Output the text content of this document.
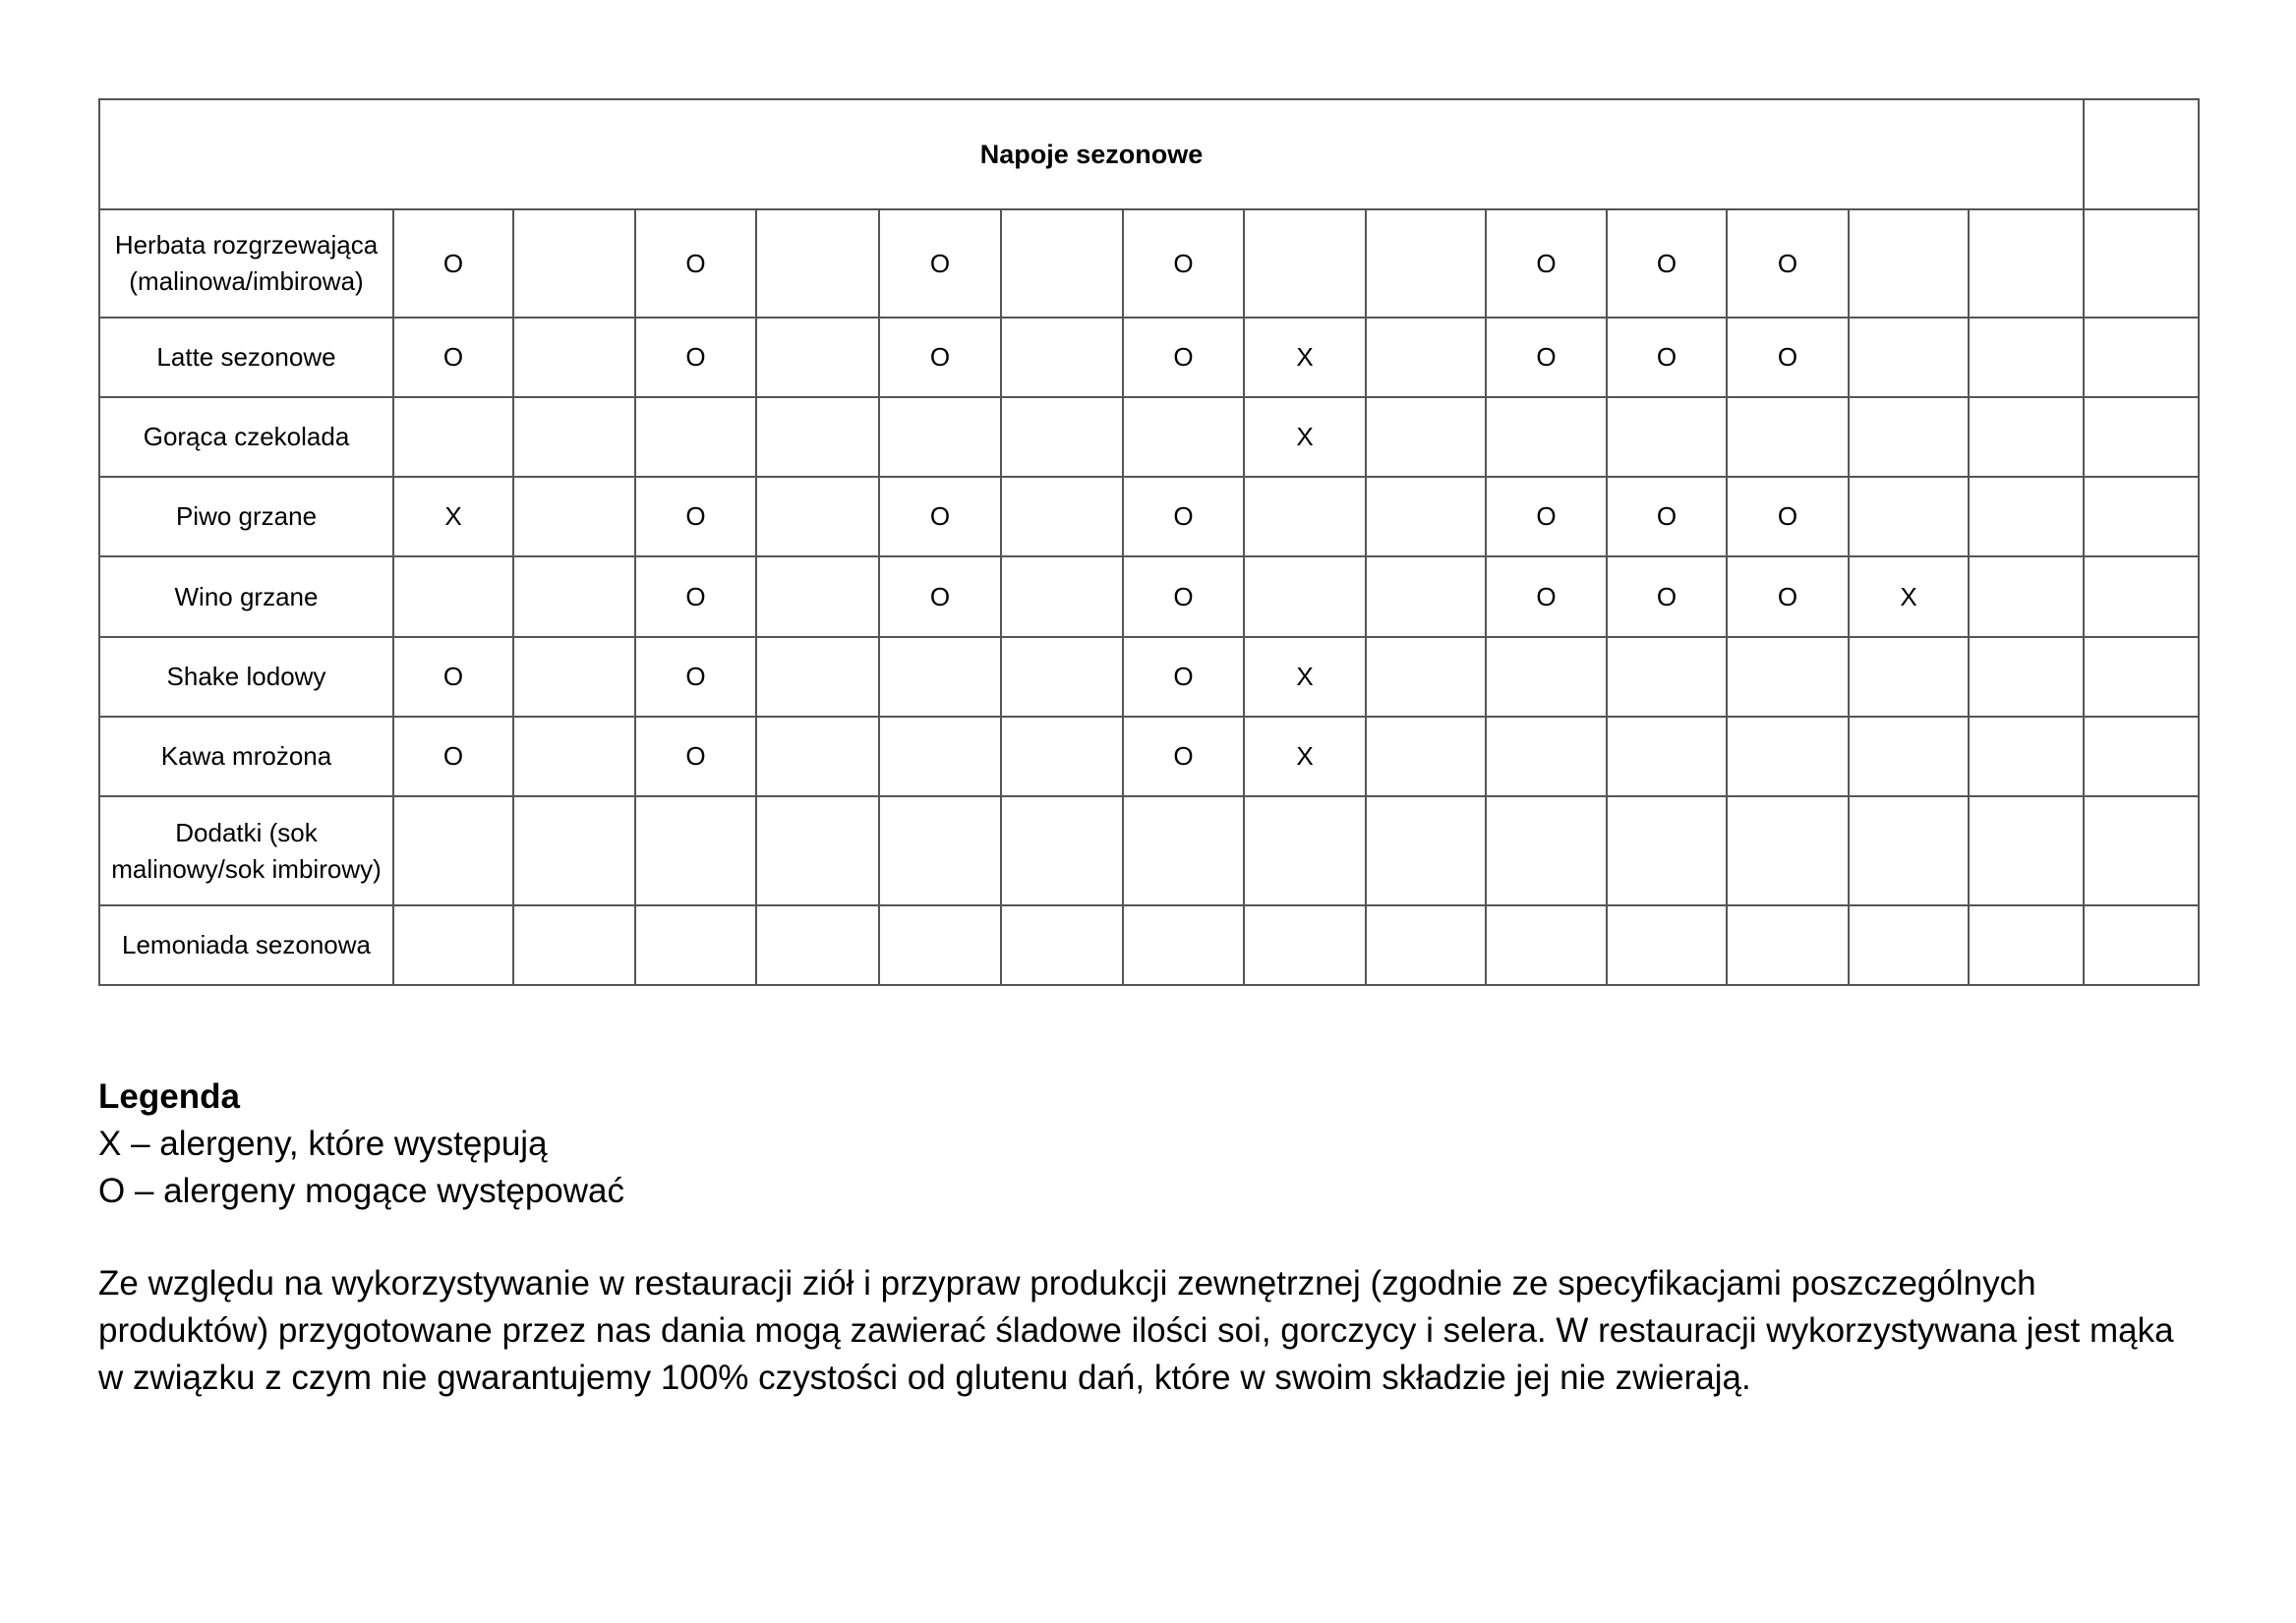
Napoje sezonowe															
Herbata rozgrzewająca (malinowa/imbirowa)	O		O		O		O			O	O	O			
Latte sezonowe	O		O		O		O	X		O	O	O			
Gorąca czekolada								X							
Piwo grzane	X		O		O		O			O	O	O			
Wino grzane			O		O		O			O	O	O	X		
Shake lodowy	O		O				O	X							
Kawa mrożona	O		O				O	X							
Dodatki (sok malinowy/sok imbirowy)															
Lemoniada sezonowa															
Legenda
X – alergeny, które występują
O – alergeny mogące występować
Ze względu na wykorzystywanie w restauracji ziół i przypraw produkcji zewnętrznej (zgodnie ze specyfikacjami poszczególnych
produktów) przygotowane przez nas dania mogą zawierać śladowe ilości soi, gorczycy i selera. W restauracji wykorzystywana jest mąka
w związku z czym nie gwarantujemy 100% czystości od glutenu dań, które w swoim składzie jej nie zwierają.
